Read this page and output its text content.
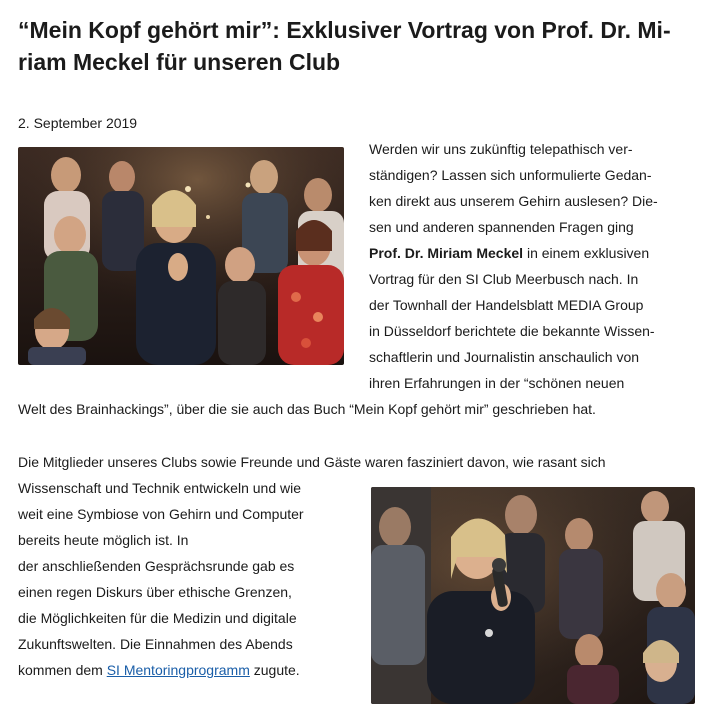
“Mein Kopf gehört mir”: Exklusiver Vortrag von Prof. Dr. Mi-
riam Meckel für unseren Club

2. September 2019

Werden wir uns zukünftig telepathisch ver-
ständigen? Lassen sich unformulierte Gedan-
ken direkt aus unserem Gehirn auslesen? Die-
sen und anderen spannenden Fragen ging
Prof. Dr. Miriam Meckel in einem exklusiven
Vortrag für den SI Club Meerbusch nach. In
der Townhall der Handelsblatt MEDIA Group
in Düsseldorf berichtete die bekannte Wissen-
schaftlerin und Journalistin anschaulich von
ihren Erfahrungen in der “schönen neuen

Welt des Brainhackings”, über die sie auch das Buch “Mein Kopf gehört mir” geschrieben hat.

Die Mitglieder unseres Clubs sowie Freunde und Gäste waren fasziniert davon, wie rasant sich

Wissenschaft und Technik entwickeln und wie
weit eine Symbiose von Gehirn und Computer
bereits heute möglich ist. In
der anschließenden Gesprächsrunde gab es
einen regen Diskurs über ethische Grenzen,
die Möglichkeiten für die Medizin und digitale
Zukunftswelten. Die Einnahmen des Abends
kommen dem SI Mentoringprogramm zugute.
